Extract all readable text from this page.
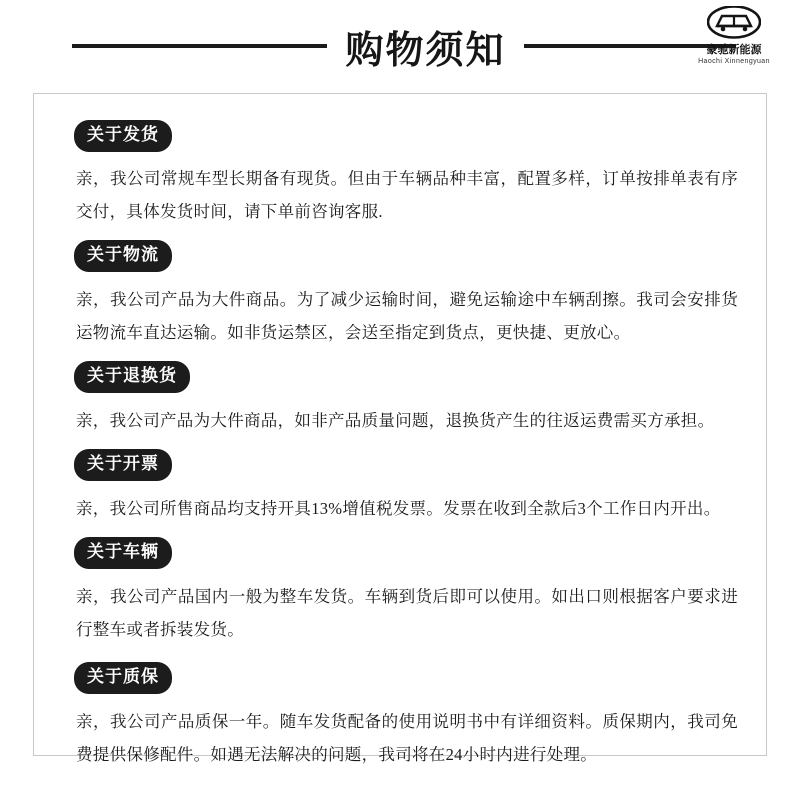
购物须知	豪驰新能源
Haochi Xinnengyuan
关于发货

亲，我公司常规车型长期备有现货。但由于车辆品种丰富，配置多样，订单按排单表有序交付，具体发货时间，请下单前咨询客服.

关于物流

亲，我公司产品为大件商品。为了减少运输时间，避免运输途中车辆刮擦。我司会安排货运物流车直达运输。如非货运禁区，会送至指定到货点，更快捷、更放心。

关于退换货

亲，我公司产品为大件商品，如非产品质量问题，退换货产生的往返运费需买方承担。

关于开票

亲，我公司所售商品均支持开具13%增值税发票。发票在收到全款后3个工作日内开出。

关于车辆

亲，我公司产品国内一般为整车发货。车辆到货后即可以使用。如出口则根据客户要求进行整车或者拆装发货。

关于质保

亲，我公司产品质保一年。随车发货配备的使用说明书中有详细资料。质保期内，我司免费提供保修配件。如遇无法解决的问题，我司将在24小时内进行处理。
